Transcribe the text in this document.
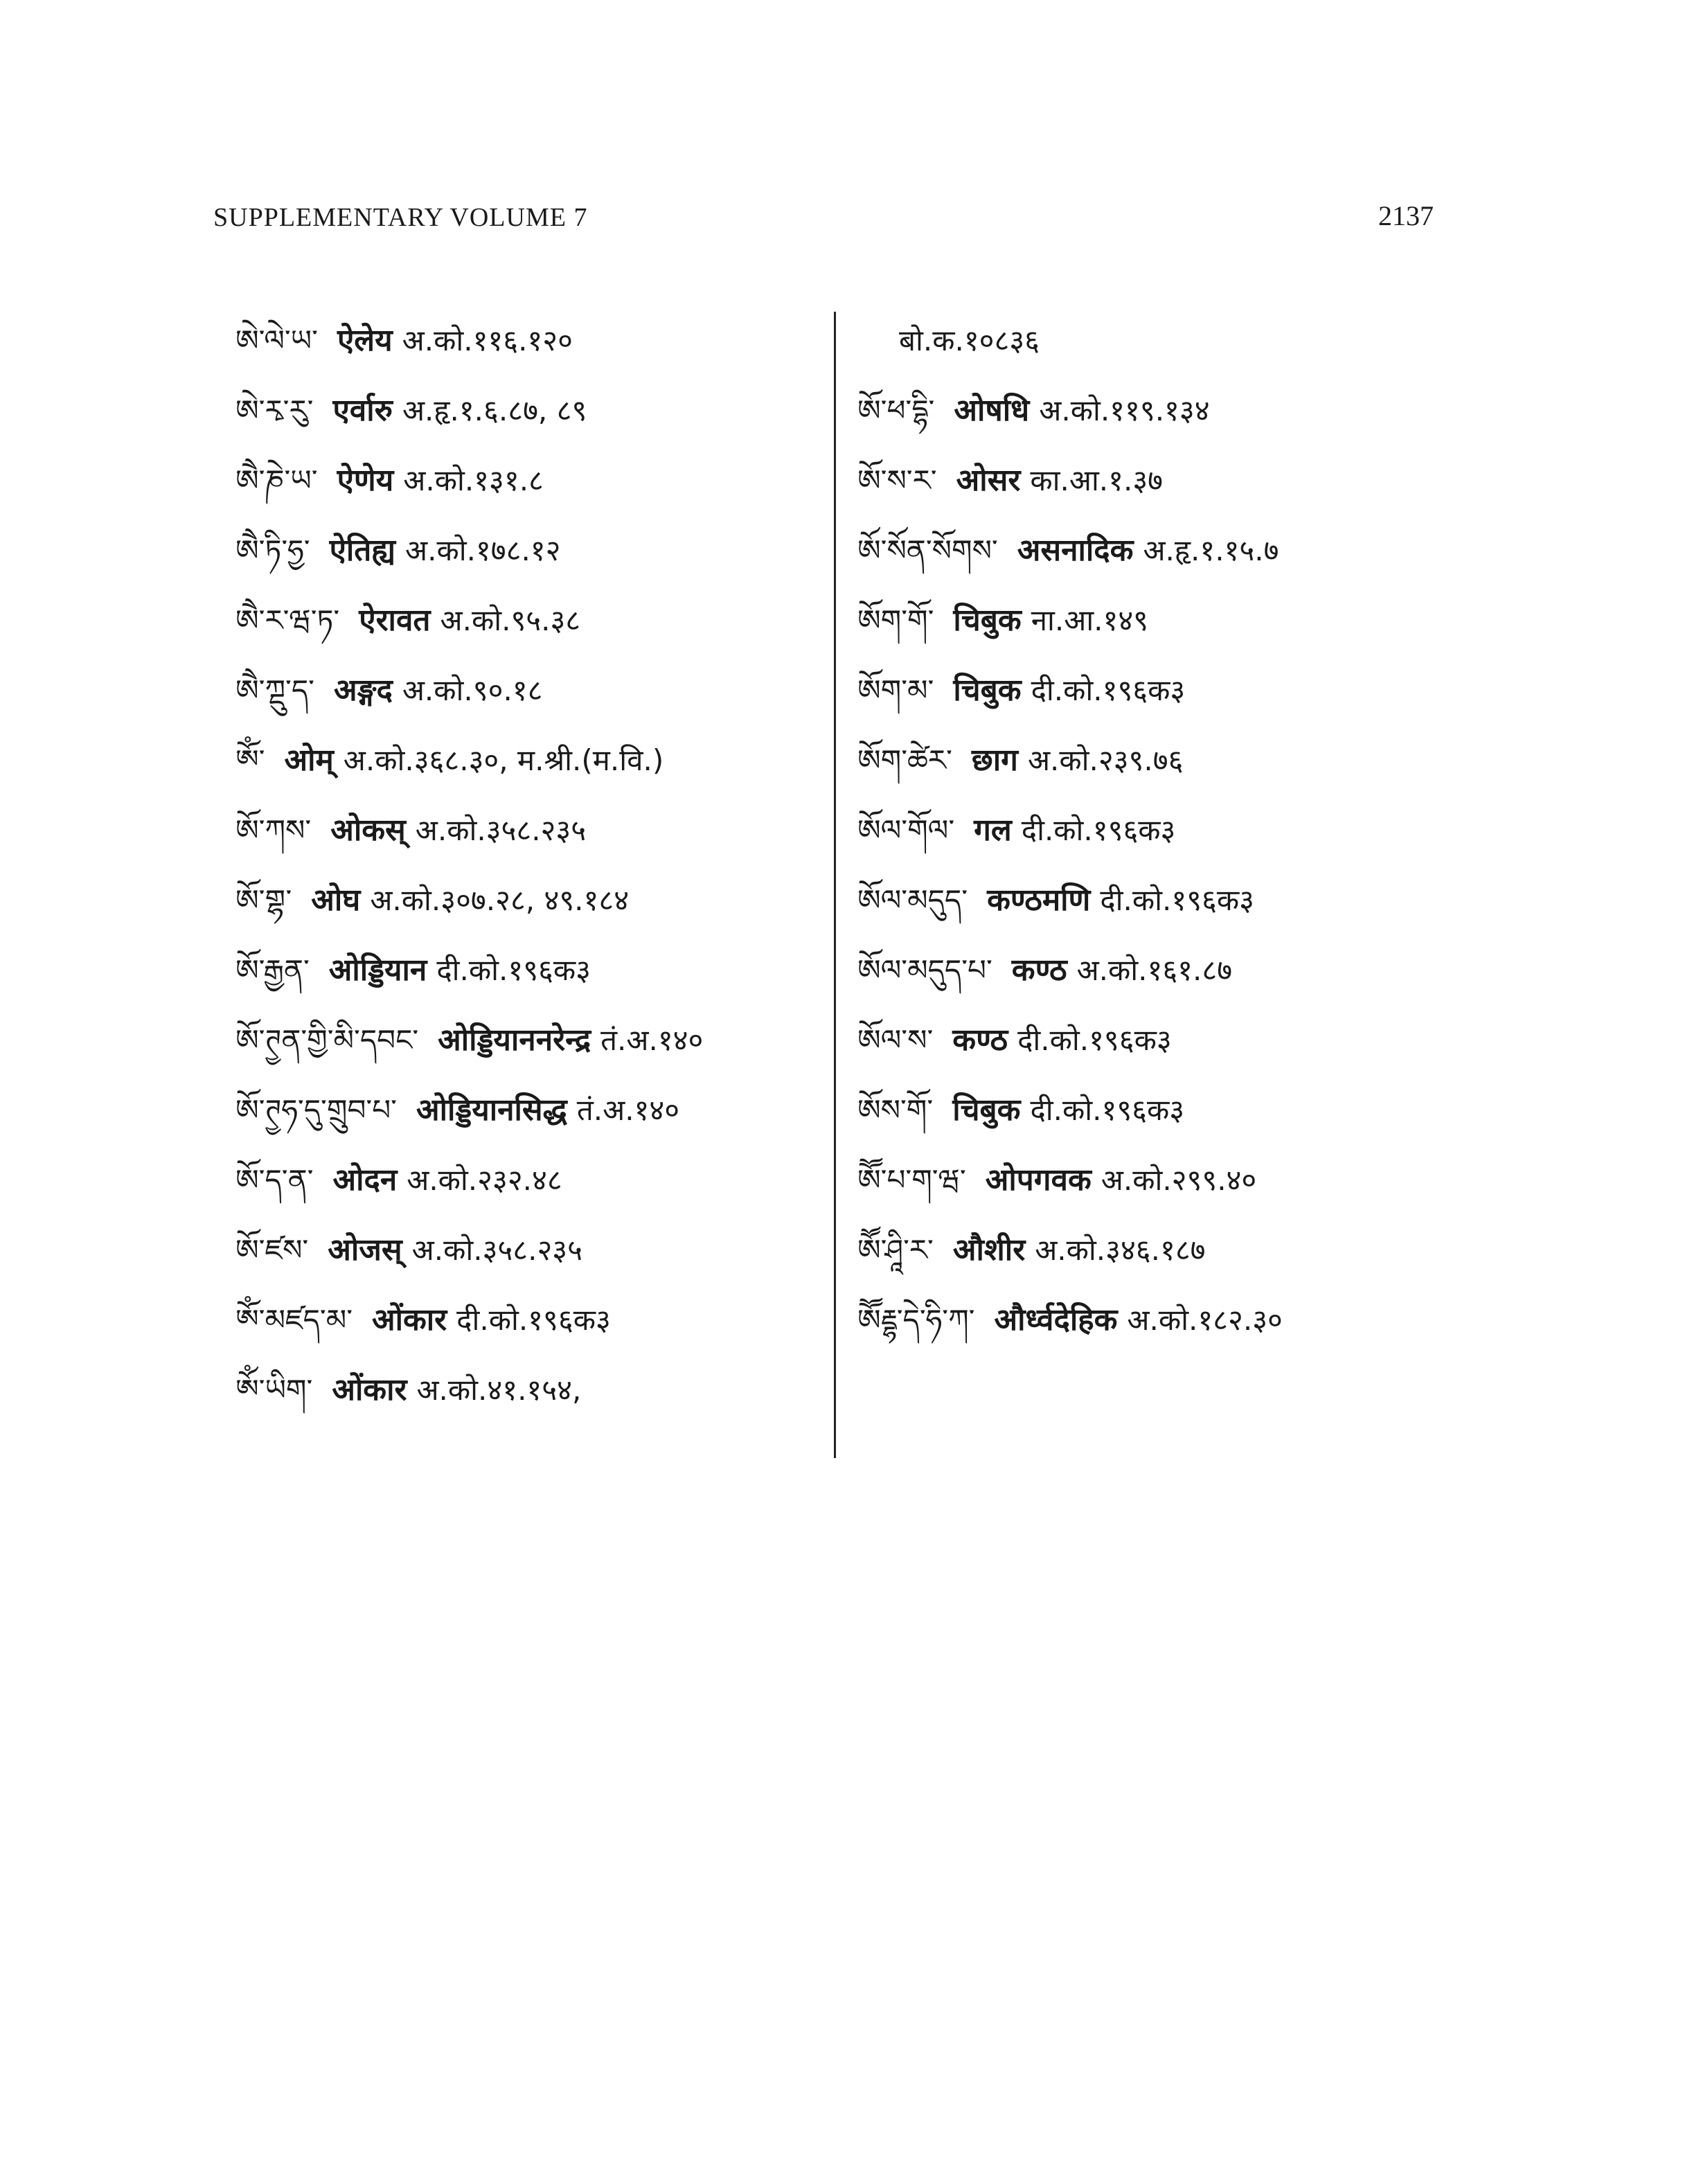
SUPPLEMENTARY VOLUME 7	2137
ཨེ་ལེ་ཡ་ ऐलेय अ.को.११६.१२०
ཨེ་ཪྭ་རུ་ एर्वारु अ.हृ.१.६.८७, ८९
ཨཻ་ཎེ་ཡ་ ऐणेय अ.को.१३१.८
ཨཻ་ཏི་ཧྱ་ ऐतिह्य अ.को.१७८.१२
ཨཻ་ར་ཝ་ཏ་ ऐरावत अ.को.९५.३८
ཨཻ་ཀྡུ་ད་ अङ्गद अ.को.९०.१८
ཨོཾ་ ओम् अ.को.३६८.३०, म.श्री.(म.वि.)
ཨོ་ཀས་ ओकस् अ.को.३५८.२३५
ཨོ་གྷ་ ओघ अ.को.३०७.२८, ४९.१८४
ཨོ་རྒྱན་ ओड्डियान दी.को.१९६क३
ཨོ་ཊྱན་གྱི་མི་དབང་ ओड्डियाननरेन्द्र तं.अ.१४०
ཨོ་ཊྱཧ་དུ་གྲུབ་པ་ ओड्डियानसिद्ध तं.अ.१४०
ཨོ་ད་ན་ ओदन अ.को.२३२.४८
ཨོ་ཛས་ ओजस् अ.को.३५८.२३५
ཨོཾ་མཛད་མ་ ओंकार दी.को.१९६क३
ཨོཾ་ཡིག་ ओंकार अ.को.४१.१५४,
बो.क.१०८३६
ཨོ་ཕ་དྷི་ ओषधि अ.को.११९.१३४
ཨོ་ས་ར་ ओसर का.आ.१.३७
ཨོ་སོན་སོགས་ असनादिक अ.हृ.१.१५.७
ཨོག་གོ་ चिबुक ना.आ.१४९
ཨོག་མ་ चिबुक दी.को.१९६क३
ཨོག་ཚེར་ छाग अ.को.२३९.७६
ཨོལ་གོལ་ गल दी.को.१९६क३
ཨོལ་མདུད་ कण्ठमणि दी.को.१९६क३
ཨོལ་མདུད་པ་ कण्ठ अ.को.१६१.८७
ཨོལ་ས་ कण्ठ दी.को.१९६क३
ཨོས་གོ་ चिबुक दी.को.१९६क३
ཨཽ་པ་ག་ཝ་ ओपगवक अ.को.२९९.४०
ཨཽ་ཤཱི་ར་ औशीर अ.को.३४६.१८७
ཨཽརྡྷ་དེ་ཧི་ཀ་ और्ध्वदेहिक अ.को.१८२.३०
